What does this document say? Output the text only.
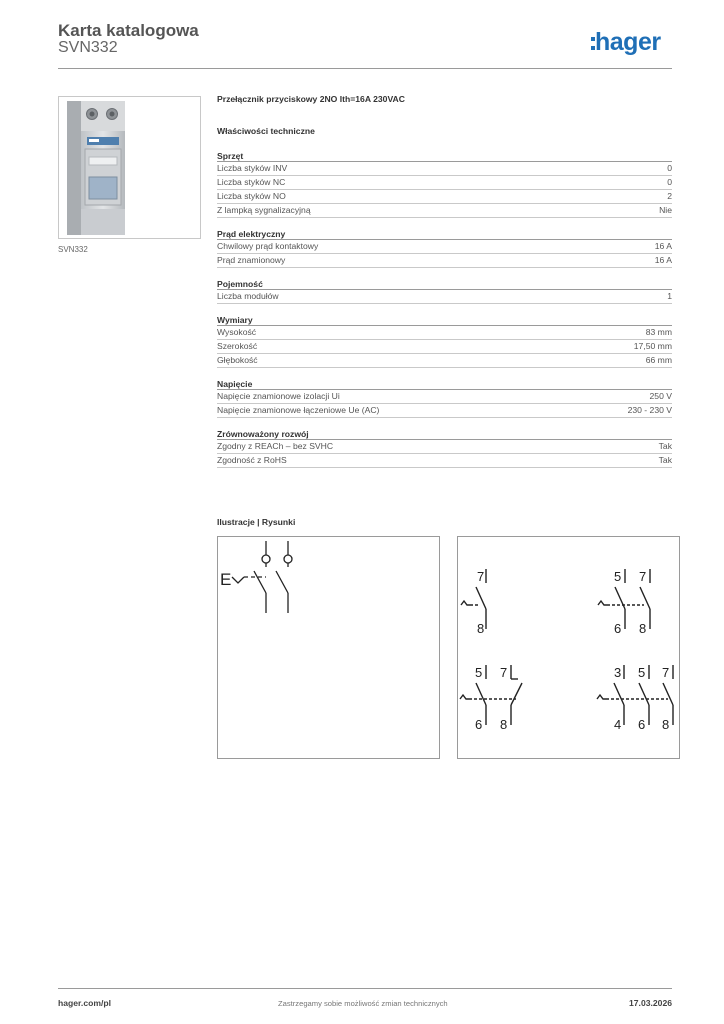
Karta katalogowa
SVN332	hager
SVN332
Przełącznik przyciskowy 2NO Ith=16A 230VAC
Właściwości techniczne
Sprzęt
Liczba styków INV	0
Liczba styków NC	0
Liczba styków NO	2
Z lampką sygnalizacyjną	Nie
Prąd elektryczny
Chwilowy prąd kontaktowy	16 A
Prąd znamionowy	16 A
Pojemność
Liczba modułów	1
Wymiary
Wysokość	83 mm
Szerokość	17,50 mm
Głębokość	66 mm
Napięcie
Napięcie znamionowe izolacji Ui	250 V
Napięcie znamionowe łączeniowe Ue (AC)	230 - 230 V
Zrównoważony rozwój
Zgodny z REACh – bez SVHC	Tak
Zgodność z RoHS	Tak
Ilustracje | Rysunki
E	7
8
5 7
6 8
5 7
6 8
3 5 7
4 6 8
hager.com/pl	Zastrzegamy sobie możliwość zmian technicznych	17.03.2026
